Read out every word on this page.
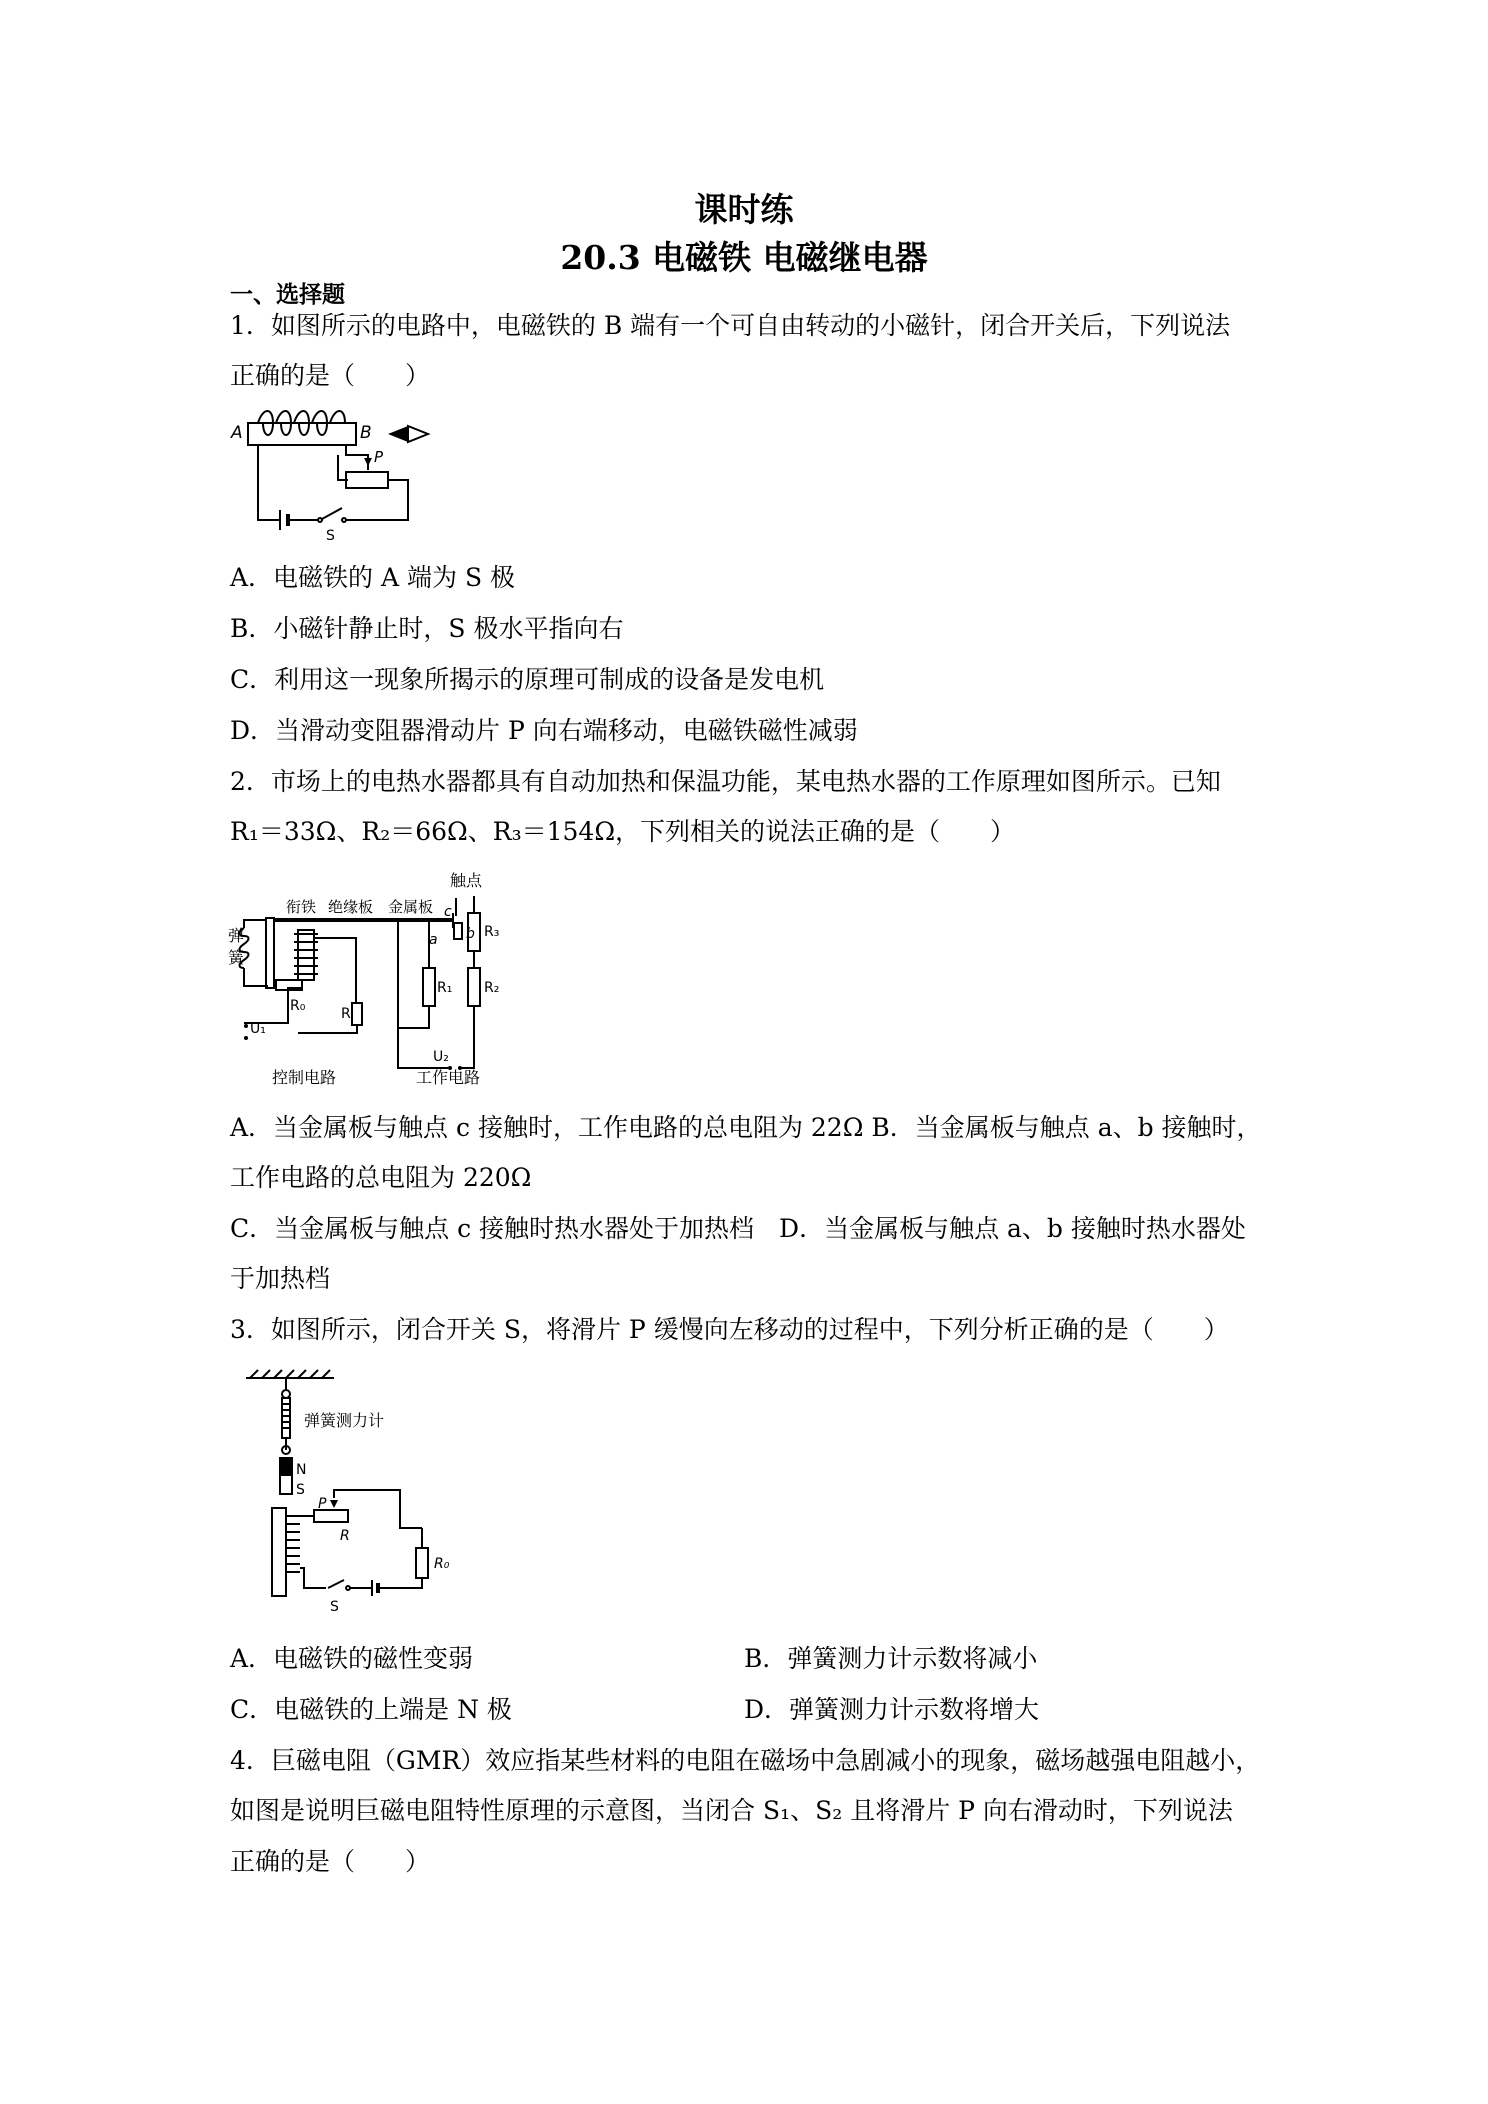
课时练
20.3 电磁铁 电磁继电器
一、选择题
1．如图所示的电路中，电磁铁的 B 端有一个可自由转动的小磁针，闭合开关后，下列说法
正确的是（　　）
A	B
P
S
A．电磁铁的 A 端为 S 极
B．小磁针静止时，S 极水平指向右
C．利用这一现象所揭示的原理可制成的设备是发电机
D．当滑动变阻器滑动片 P 向右端移动，电磁铁磁性减弱
2．市场上的电热水器都具有自动加热和保温功能，某电热水器的工作原理如图所示。已知
R₁＝33Ω、R₂＝66Ω、R₃＝154Ω，下列相关的说法正确的是（　　）
触点
衔铁 绝缘板 金属板
弹
簧
c
b
a	R₃
R₂
R₁
R₀	R
U₁
U₂
控制电路	工作电路
A．当金属板与触点 c 接触时，工作电路的总电阻为 22Ω B．当金属板与触点 a、b 接触时，
工作电路的总电阻为 220Ω
C．当金属板与触点 c 接触时热水器处于加热档　D．当金属板与触点 a、b 接触时热水器处
于加热档
3．如图所示，闭合开关 S，将滑片 P 缓慢向左移动的过程中，下列分析正确的是（　　）
弹簧测力计
N
S
P
R
R₀
S
A．电磁铁的磁性变弱	B．弹簧测力计示数将减小
C．电磁铁的上端是 N 极	D．弹簧测力计示数将增大
4．巨磁电阻（GMR）效应指某些材料的电阻在磁场中急剧减小的现象，磁场越强电阻越小，
如图是说明巨磁电阻特性原理的示意图，当闭合 S₁、S₂ 且将滑片 P 向右滑动时，下列说法
正确的是（　　）
